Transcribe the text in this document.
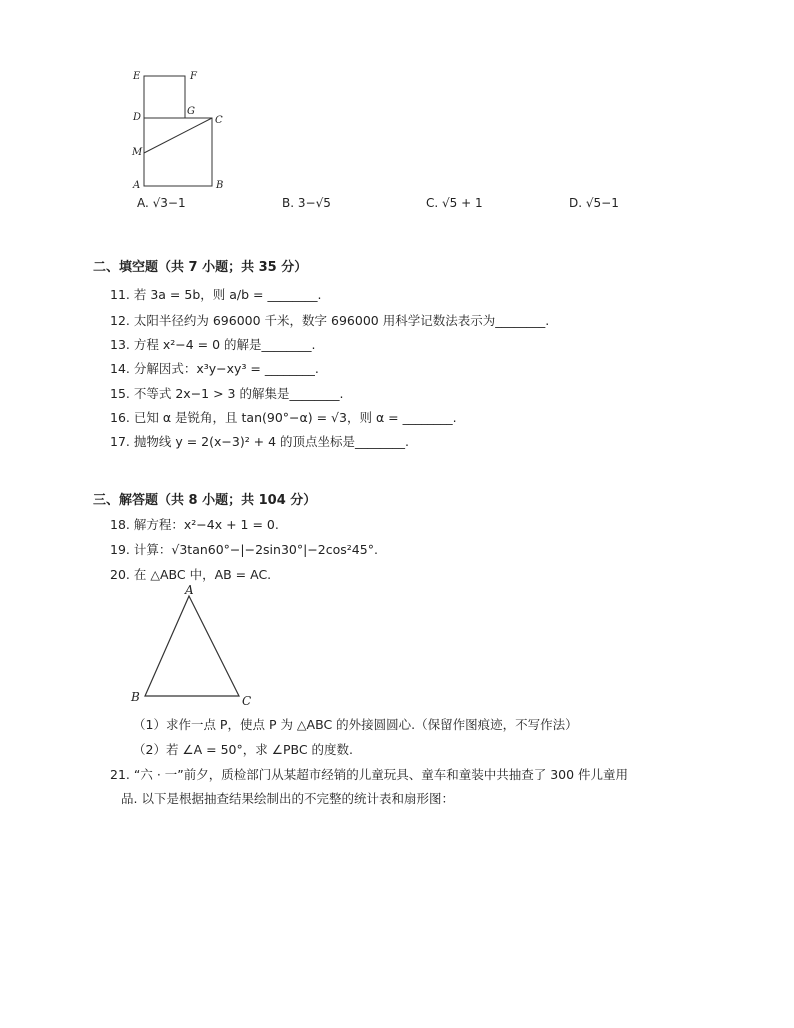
E	F
D
G
C
M
A	B
A. √3−1	B. 3−√5	C. √5 + 1	D. √5−1
二、填空题（共 7 小题；共 35 分）
11. 若 3a = 5b，则 a/b = ________.
12. 太阳半径约为 696000 千米，数字 696000 用科学记数法表示为________.
13. 方程 x²−4 = 0 的解是________.
14. 分解因式：x³y−xy³ = ________.
15. 不等式 2x−1 > 3 的解集是________.
16. 已知 α 是锐角，且 tan(90°−α) = √3，则 α = ________.
17. 抛物线 y = 2(x−3)² + 4 的顶点坐标是________.
三、解答题（共 8 小题；共 104 分）
18. 解方程：x²−4x + 1 = 0.
19. 计算：√3tan60°−|−2sin30°|−2cos²45°.
20. 在 △ABC 中，AB = AC.
A
B	C
（1）求作一点 P，使点 P 为 △ABC 的外接圆圆心.（保留作图痕迹，不写作法）
（2）若 ∠A = 50°，求 ∠PBC 的度数.
21. “六 · 一”前夕，质检部门从某超市经销的儿童玩具、童车和童装中共抽查了 300 件儿童用
品. 以下是根据抽查结果绘制出的不完整的统计表和扇形图：
